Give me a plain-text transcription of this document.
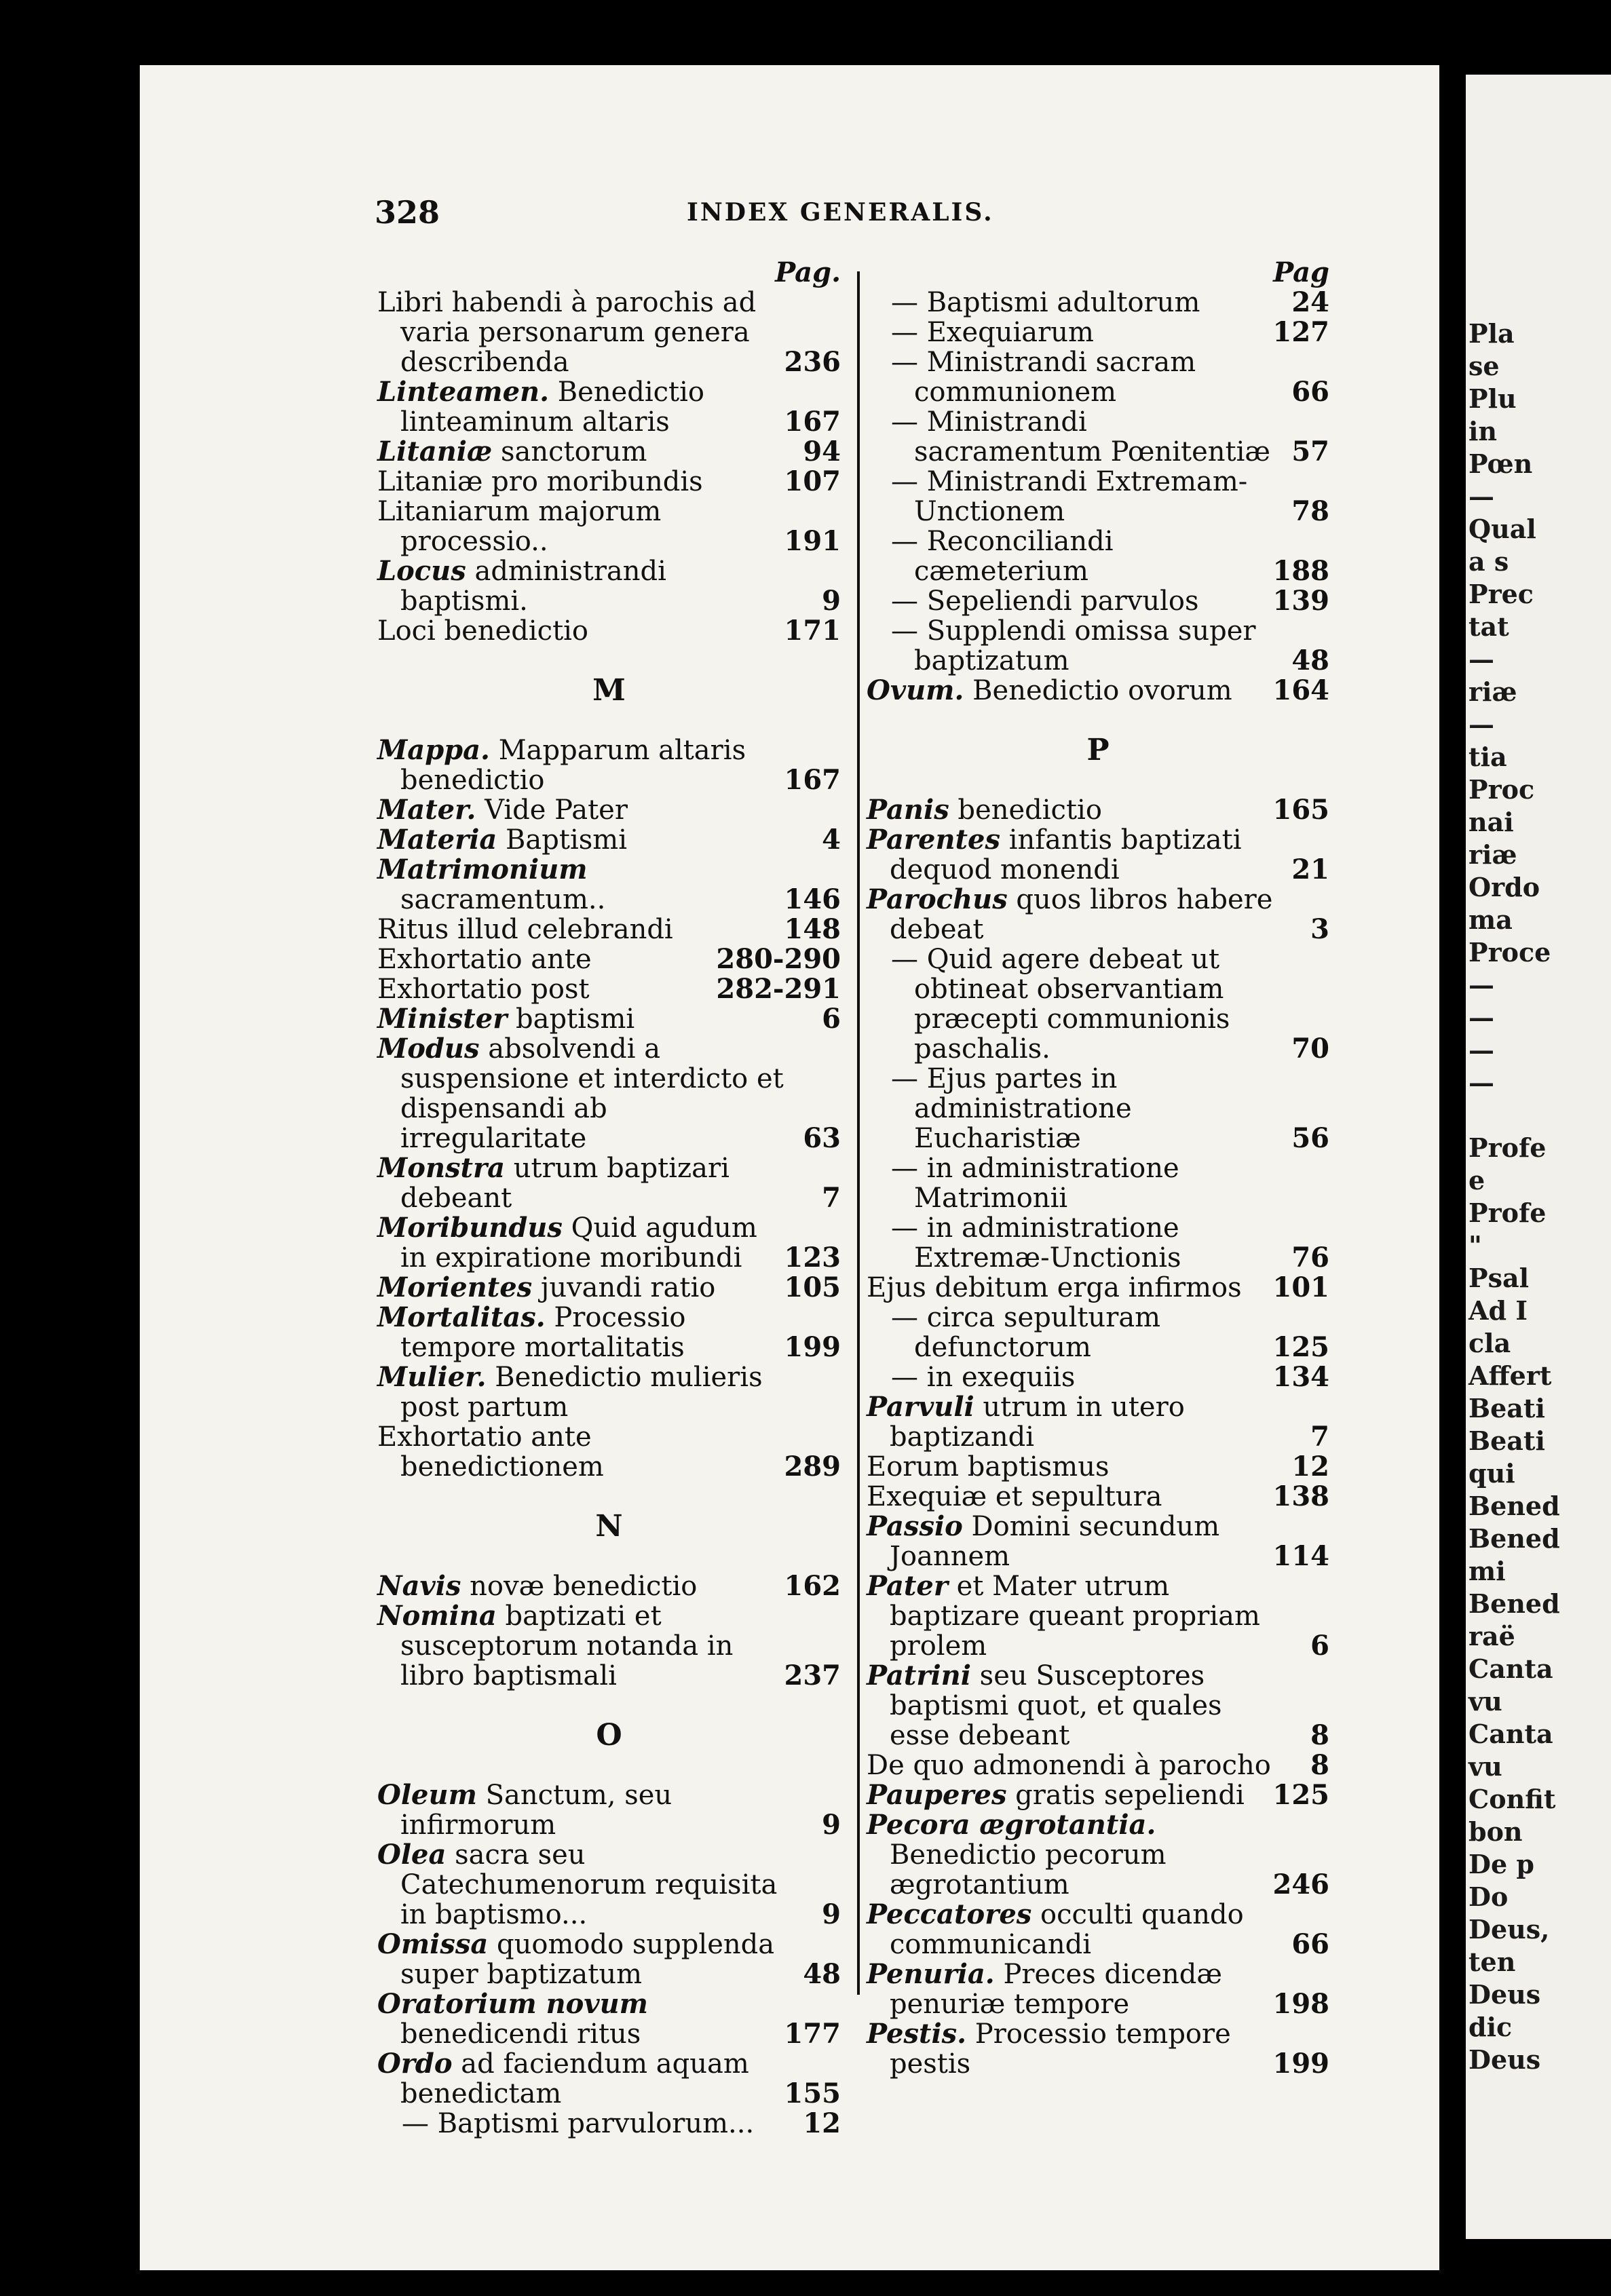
Pla
se
Plu
in
Pœn
—
Qual
a s
Prec
tat
—
riæ
—
tia
Proc
nai
riæ
Ordo
ma
Proce
—
—
—
—
Profe
e
Profe
"
Psal
Ad I
cla
Affert
Beati
Beati
qui
Bened
Bened
mi
Bened
raë
Canta
vu
Canta
vu
Confit
bon
De p
Do
Deus,
ten
Deus
dic
Deus
328	INDEX GENERALIS.
Pag.
Libri habendi à parochis ad varia personarum genera describenda	236
Linteamen. Benedictio linteaminum altaris	167
Litaniæ sanctorum	94
Litaniæ pro moribundis	107
Litaniarum majorum processio..	191
Locus administrandi baptismi.	9
Loci benedictio	171
M
Mappa. Mapparum altaris benedictio	167
Mater. Vide Pater
Materia Baptismi	4
Matrimonium sacramentum..	146
Ritus illud celebrandi	148
Exhortatio ante	280-290
Exhortatio post	282-291
Minister baptismi	6
Modus absolvendi a suspensione et interdicto et dispensandi ab irregularitate	63
Monstra utrum baptizari debeant	7
Moribundus Quid agudum in expiratione moribundi 123
Morientes juvandi ratio	105
Mortalitas. Processio tempore mortalitatis	199
Mulier. Benedictio mulieris post partum
Exhortatio ante benedictionem	289
N
Navis novæ benedictio	162
Nomina baptizati et susceptorum notanda in libro baptismali	237
O
Oleum Sanctum, seu infirmorum	9
Olea sacra seu Catechumenorum requisita in baptismo...	9
Omissa quomodo supplenda super baptizatum	48
Oratorium novum benedicendi ritus	177
Ordo ad faciendum aquam benedictam	155
— Baptismi parvulorum... 12
Pag
— Baptismi adultorum	24
— Exequiarum	127
— Ministrandi sacram communionem	66
— Ministrandi sacramentum Pœnitentiæ 57
— Ministrandi Extremam-Unctionem	78
— Reconciliandi cæmeterium	188
— Sepeliendi parvulos	139
— Supplendi omissa super baptizatum	48
Ovum. Benedictio ovorum 164
P
Panis benedictio	165
Parentes infantis baptizati dequod monendi	21
Parochus quos libros habere debeat	3
— Quid agere debeat ut obtineat observantiam præcepti communionis paschalis.	70
— Ejus partes in administratione Eucharistiæ	56
— in administratione Matrimonii
— in administratione Extremæ-Unctionis	76
Ejus debitum erga infirmos 101
— circa sepulturam defunctorum	125
— in exequiis	134
Parvuli utrum in utero baptizandi	7
Eorum baptismus	12
Exequiæ et sepultura	138
Passio Domini secundum Joannem	114
Pater et Mater utrum baptizare queant propriam prolem	6
Patrini seu Susceptores baptismi quot, et quales esse debeant	8
De quo admonendi à parocho 8
Pauperes gratis sepeliendi 125
Pecora ægrotantia. Benedictio pecorum ægrotantium	246
Peccatores occulti quando communicandi	66
Penuria. Preces dicendæ penuriæ tempore	198
Pestis. Processio tempore pestis	199
